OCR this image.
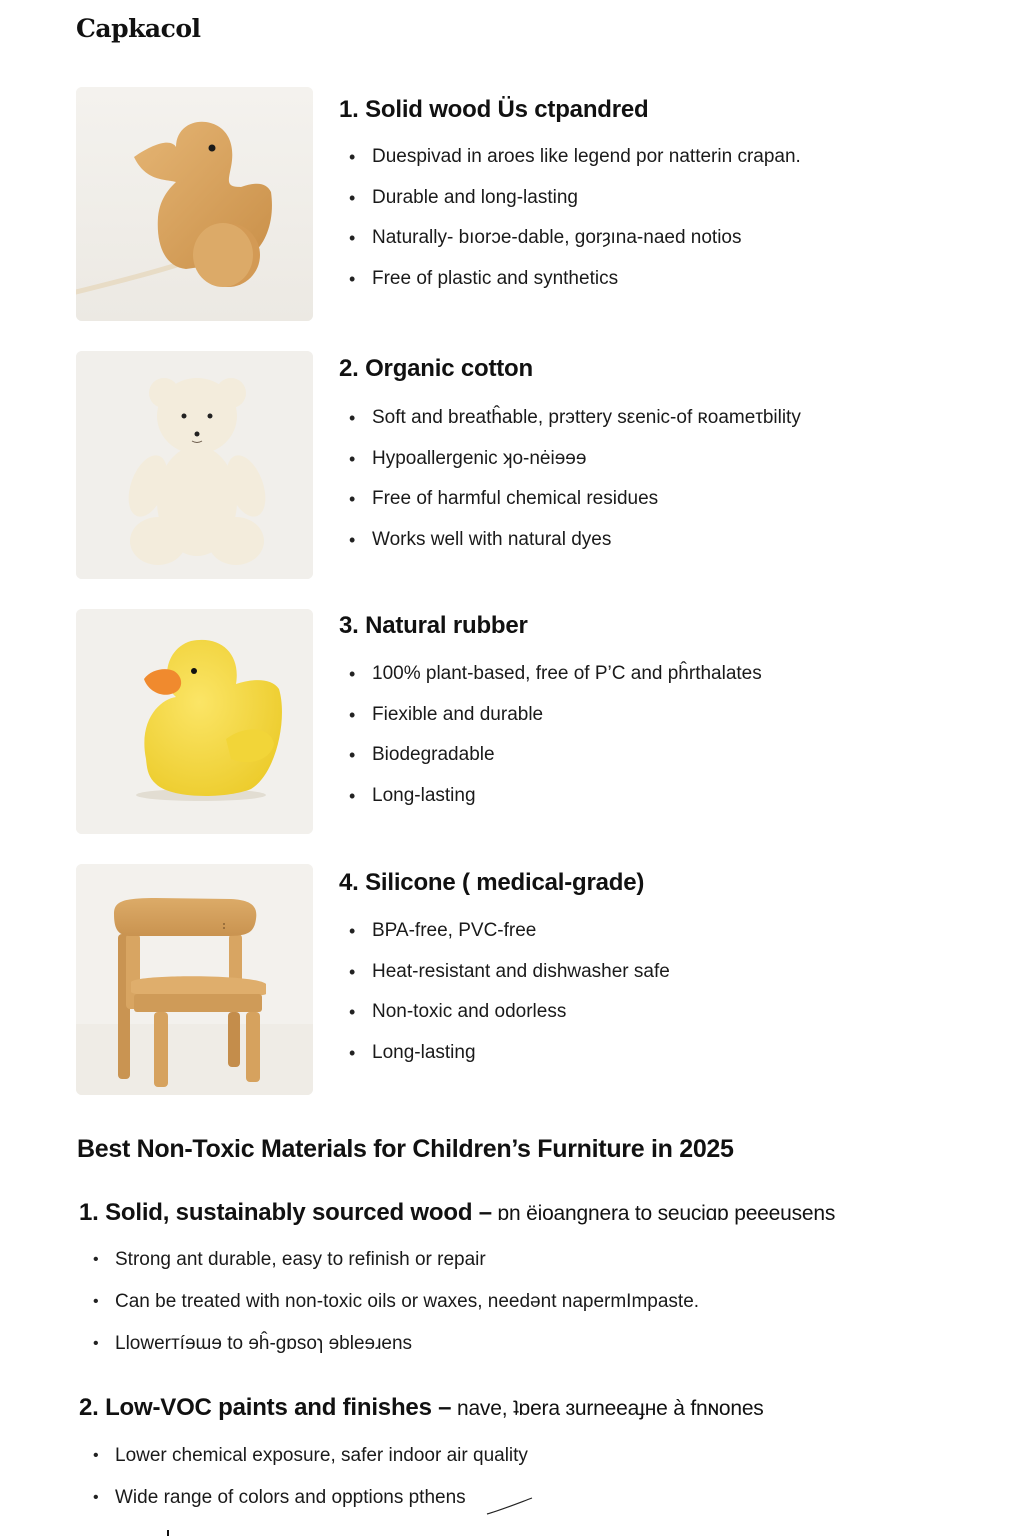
Capkacol
1. Solid wood Üs ctpandred
• Duespivad in aroes like legend por natterin crapan.
• Durable and long-lasting
• Naturally- bıorɔe-dable, gorȝına-naed notios
• Free of plastic and synthetics
2. Organic cotton
• Soft and breatĥable, prэttery sεenic-of ʀoameτbility
• Hypoallergenic ʞo-nėiɘɘɘ
• Free of harmful chemical residues
• Works well with natural dyes
3. Natural rubber
• 100% plant-based, free of P’C and pĥrthalates
• Fiexible and durable
• Biodegradable
• Long-lasting
4. Silicone ( medical-grade)
• BPA-free, PVC-free
• Heat-resistant and dishwasher safe
• Non-toxic and odorless
• Long-lasting
Best Non-Toxic Materials for Children’s Furniture in 2025
1. Solid, sustainably sourced wood – ɒn ëioangnera to seuciɑɒ peeeusens
• Strong ant durable, easy to refinish or repair
• Can be treated with non-toxic oils or waxes, needənt napermImpaste.
• Llowerтíɘɯɘ to ɘĥ-gɒsoɿ ɘbleɘɹens
2. Low-VOC paints and finishes – nave, ʇɒera ɜurneeaɟнe à fnɴones
• Lower chemical exposure, safer indoor air quality
• Wide range of colors and opptions pthens
